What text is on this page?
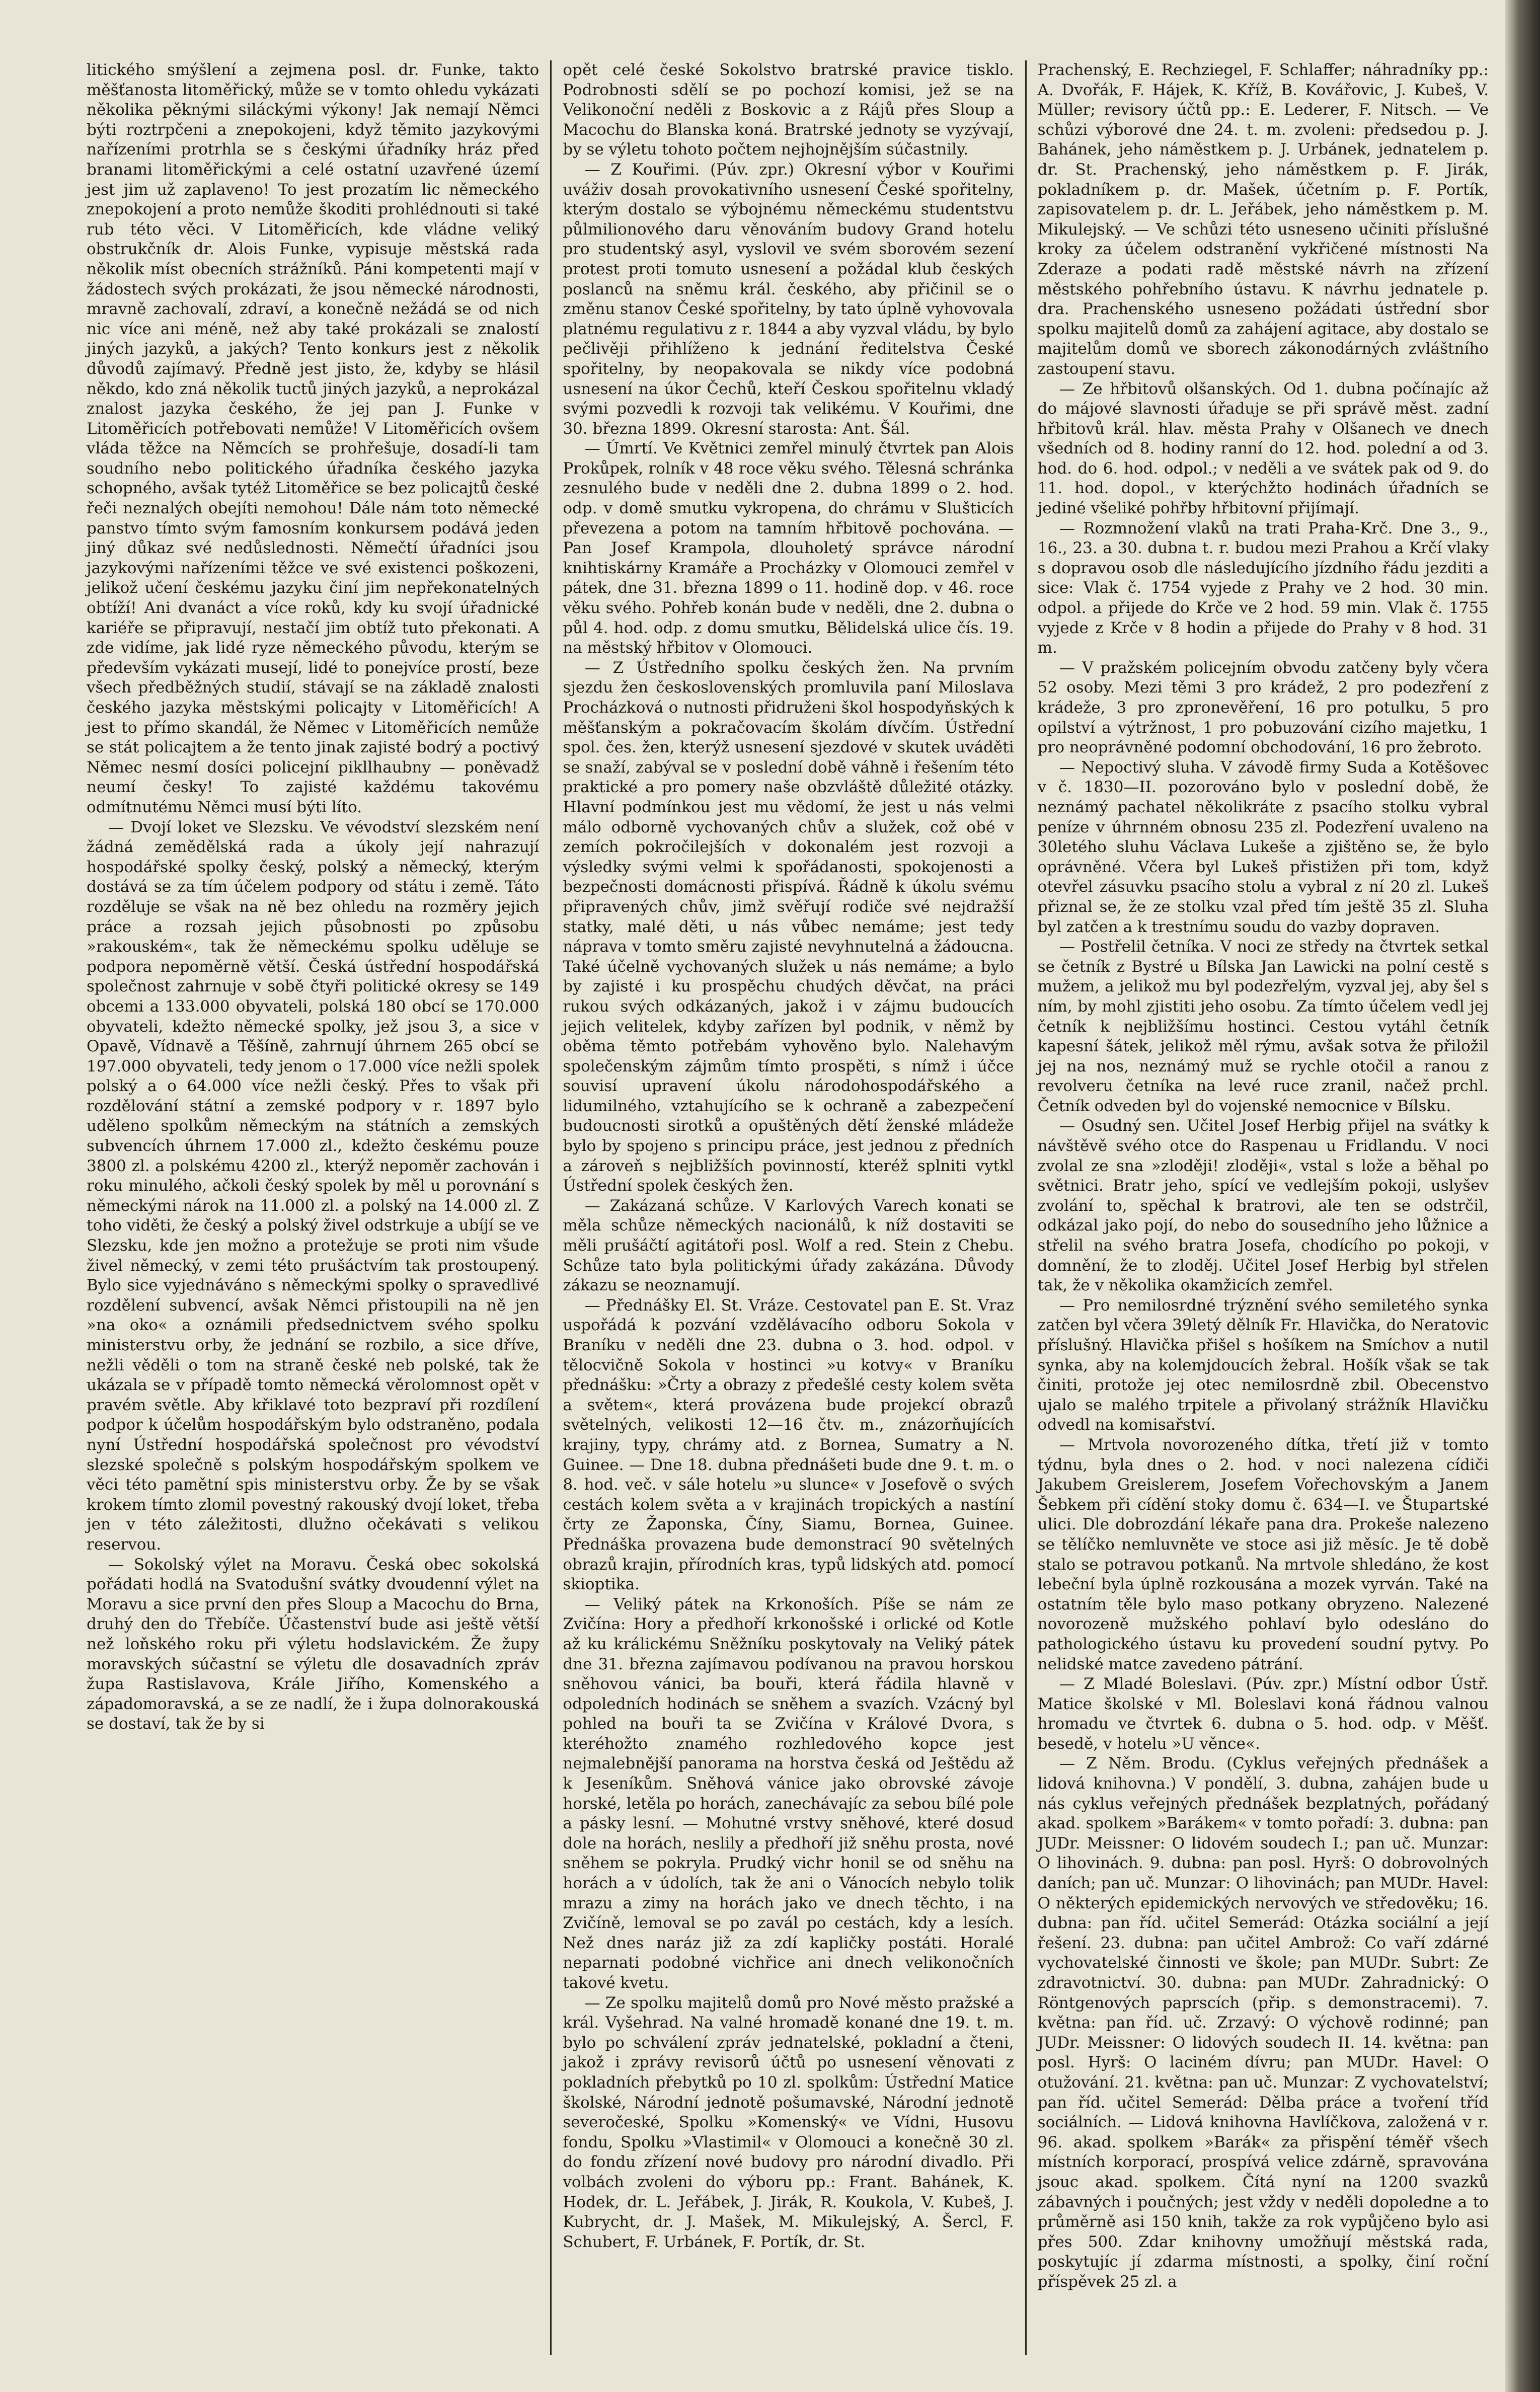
litického smýšlení a zejmena posl. dr. Funke, takto měšťanosta litoměřický, může se v tomto ohledu vykázati několika pěknými siláckými výkony! Jak nemají Němci býti roztrpčeni a znepokojeni, když těmito jazykovými nařízeními protrhla se s českými úřadníky hráz před branami litoměřickými a celé ostatní uzavřené území jest jim už zaplaveno! To jest prozatím lic německého znepokojení a proto nemůže škoditi prohlédnouti si také rub této věci. V Litoměřicích, kde vládne veliký obstrukčník dr. Alois Funke, vypisuje městská rada několik míst obecních strážníků. Páni kompetenti mají v žádostech svých prokázati, že jsou německé národnosti, mravně zachovalí, zdraví, a konečně nežádá se od nich nic více ani méně, než aby také prokázali se znalostí jiných jazyků, a jakých? Tento konkurs jest z několik důvodů zajímavý. Předně jest jisto, že, kdyby se hlásil někdo, kdo zná několik tuctů jiných jazyků, a neprokázal znalost jazyka českého, že jej pan J. Funke v Litoměřicích potřebovati nemůže! V Litoměřicích ovšem vláda těžce na Němcích se prohřešuje, dosadí-li tam soudního nebo politického úřadníka českého jazyka schopného, avšak tytéž Litoměřice se bez policajtů české řeči neznalých obejíti nemohou! Dále nám toto německé panstvo tímto svým famosním konkursem podává jeden jiný důkaz své nedůslednosti. Němečtí úřadníci jsou jazykovými nařízeními těžce ve své existenci poškozeni, jelikož učení českému jazyku činí jim nepřekonatelných obtíží! Ani dvanáct a více roků, kdy ku svojí úřadnické kariéře se připravují, nestačí jim obtíž tuto překonati. A zde vidíme, jak lidé ryze německého původu, kterým se především vykázati musejí, lidé to ponejvíce prostí, beze všech předběžných studií, stávají se na základě znalosti českého jazyka městskými policajty v Litoměřicích! A jest to přímo skandál, že Němec v Litoměřicích nemůže se stát policajtem a že tento jinak zajisté bodrý a poctivý Němec nesmí dosíci policejní pikllhaubny — poněvadž neumí česky! To zajisté každému takovému odmítnutému Němci musí býti líto.

— Dvojí loket ve Slezsku. Ve vévodství slezském není žádná zemědělská rada a úkoly její nahrazují hospodářské spolky český, polský a německý, kterým dostává se za tím účelem podpory od státu i země. Táto rozděluje se však na ně bez ohledu na rozměry jejich práce a rozsah jejich působnosti po způsobu »rakouském«, tak že německému spolku uděluje se podpora nepoměrně větší. Česká ústřední hospodářská společnost zahrnuje v sobě čtyři politické okresy se 149 obcemi a 133.000 obyvateli, polská 180 obcí se 170.000 obyvateli, kdežto německé spolky, jež jsou 3, a sice v Opavě, Vídnavě a Těšíně, zahrnují úhrnem 265 obcí se 197.000 obyvateli, tedy jenom o 17.000 více nežli spolek polský a o 64.000 více nežli český. Přes to však při rozdělování státní a zemské podpory v r. 1897 bylo uděleno spolkům německým na státních a zemských subvencích úhrnem 17.000 zl., kdežto českému pouze 3800 zl. a polskému 4200 zl., kterýž nepoměr zachován i roku minulého, ačkoli český spolek by měl u porovnání s německými nárok na 11.000 zl. a polský na 14.000 zl. Z toho viděti, že český a polský živel odstrkuje a ubíjí se ve Slezsku, kde jen možno a protežuje se proti nim všude živel německý, v zemi této prušáctvím tak prostoupený. Bylo sice vyjednáváno s německými spolky o spravedlivé rozdělení subvencí, avšak Němci přistoupili na ně jen »na oko« a oznámili předsednictvem svého spolku ministerstvu orby, že jednání se rozbilo, a sice dříve, nežli věděli o tom na straně české neb polské, tak že ukázala se v případě tomto německá věrolomnost opět v pravém světle. Aby křiklavé toto bezpraví při rozdílení podpor k účelům hospodářským bylo odstraněno, podala nyní Ústřední hospodářská společnost pro vévodství slezské společně s polským hospodářským spolkem ve věci této pamětní spis ministerstvu orby. Že by se však krokem tímto zlomil povestný rakouský dvojí loket, třeba jen v této záležitosti, dlužno očekávati s velikou reservou.

— Sokolský výlet na Moravu. Česká obec sokolská pořádati hodlá na Svatodušní svátky dvoudenní výlet na Moravu a sice první den přes Sloup a Macochu do Brna, druhý den do Třebíče. Účastenství bude asi ještě větší než loňského roku při výletu hodslavickém. Že župy moravských súčastní se výletu dle dosavadních zpráv župa Rastislavova, Krále Jiřího, Komenského a západomoravská, a se ze nadlí, že i župa dolnorakouská se dostaví, tak že by si

opět celé české Sokolstvo bratrské pravice tisklo. Podrobnosti sdělí se po pochozí komisi, jež se na Velikonoční neděli z Boskovic a z Rájů přes Sloup a Macochu do Blanska koná. Bratrské jednoty se vyzývají, by se výletu tohoto počtem nejhojnějším súčastnily.

— Z Kouřimi. (Púv. zpr.) Okresní výbor v Kouřimi uváživ dosah provokativního usnesení České spořitelny, kterým dostalo se výbojnému německému studentstvu půlmilionového daru věnováním budovy Grand hotelu pro studentský asyl, vyslovil ve svém sborovém sezení protest proti tomuto usnesení a požádal klub českých poslanců na sněmu král. českého, aby přičinil se o změnu stanov České spořitelny, by tato úplně vyhovovala platnému regulativu z r. 1844 a aby vyzval vládu, by bylo pečlivěji přihlíženo k jednání ředitelstva České spořitelny, by neopakovala se nikdy více podobná usnesení na úkor Čechů, kteří Českou spořitelnu vkladý svými pozvedli k rozvoji tak velikému. V Kouřimi, dne 30. března 1899. Okresní starosta: Ant. Šál.

— Úmrtí. Ve Květnici zemřel minulý čtvrtek pan Alois Prokůpek, rolník v 48 roce věku svého. Tělesná schránka zesnulého bude v neděli dne 2. dubna 1899 o 2. hod. odp. v domě smutku vykropena, do chrámu v Slušticích převezena a potom na tamním hřbitově pochována. — Pan Josef Krampola, dlouholetý správce národní knihtiskárny Kramáře a Procházky v Olomouci zemřel v pátek, dne 31. března 1899 o 11. hodině dop. v 46. roce věku svého. Pohřeb konán bude v neděli, dne 2. dubna o půl 4. hod. odp. z domu smutku, Bělidelská ulice čís. 19. na městský hřbitov v Olomouci.

— Z Ústředního spolku českých žen. Na prvním sjezdu žen československých promluvila paní Miloslava Procházková o nutnosti přidruženi škol hospodyňských k měšťanským a pokračovacím školám dívčím. Ústřední spol. čes. žen, kterýž usnesení sjezdové v skutek uváděti se snaží, zabýval se v poslední době váhně i řešením této praktické a pro pomery naše obzvláště důležité otázky. Hlavní podmínkou jest mu vědomí, že jest u nás velmi málo odborně vychovaných chův a služek, což obé v zemích pokročilejších v dokonalém jest rozvoji a výsledky svými velmi k spořádanosti, spokojenosti a bezpečnosti domácnosti přispívá. Řádně k úkolu svému připravených chův, jimž svěřují rodiče své nejdražší statky, malé děti, u nás vůbec nemáme; jest tedy náprava v tomto směru zajisté nevyhnutelná a žádoucna. Také účelně vychovaných služek u nás nemáme; a bylo by zajisté i ku prospěchu chudých děvčat, na práci rukou svých odkázaných, jakož i v zájmu budoucích jejich velitelek, kdyby zařízen byl podnik, v němž by oběma těmto potřebám vyhověno bylo. Nalehavým společenským zájmům tímto prospěti, s nímž i účce souvisí upravení úkolu národohospodářského a lidumilného, vztahujícího se k ochraně a zabezpečení budoucnosti sirotků a opuštěných dětí ženské mládeže bylo by spojeno s principu práce, jest jednou z předních a zároveň s nejbližších povinností, kteréž splniti vytkl Ústřední spolek českých žen.

— Zakázaná schůze. V Karlových Varech konati se měla schůze německých nacionálů, k níž dostaviti se měli prušáčtí agitátoři posl. Wolf a red. Stein z Chebu. Schůze tato byla politickými úřady zakázána. Důvody zákazu se neoznamují.

— Přednášky El. St. Vráze. Cestovatel pan E. St. Vraz uspořádá k pozvání vzdělávacího odboru Sokola v Braníku v neděli dne 23. dubna o 3. hod. odpol. v tělocvičně Sokola v hostinci »u kotvy« v Braníku přednášku: »Črty a obrazy z předešlé cesty kolem světa a světem«, která provázena bude projekcí obrazů světelných, velikosti 12—16 čtv. m., znázorňujících krajiny, typy, chrámy atd. z Bornea, Sumatry a N. Guinee. — Dne 18. dubna přednášeti bude dne 9. t. m. o 8. hod. več. v sále hotelu »u slunce« v Josefově o svých cestách kolem světa a v krajinách tropických a nastíní črty ze Žaponska, Číny, Siamu, Bornea, Guinee. Přednáška provazena bude demonstrací 90 světelných obrazů krajin, přírodních kras, typů lidských atd. pomocí skioptika.

— Veliký pátek na Krkonoších. Píše se nám ze Zvičína: Hory a předhoří krkonošské i orlické od Kotle až ku králickému Sněžníku poskytovaly na Veliký pátek dne 31. března zajímavou podívanou na pravou horskou sněhovou vánici, ba bouři, která řádila hlavně v odpoledních hodinách se sněhem a svazích. Vzácný byl pohled na bouři ta se Zvičína v Králové Dvora, s kteréhožto znamého rozhledového kopce jest nejmalebnější panorama na horstva česká od Ještědu až k Jeseníkům. Sněhová vánice jako obrovské závoje horské, letěla po horách, zanechávajíc za sebou bílé pole a pásky lesní. — Mohutné vrstvy sněhové, které dosud dole na horách, neslily a předhoří již sněhu prosta, nové sněhem se pokryla. Prudký vichr honil se od sněhu na horách a v údolích, tak že ani o Vánocích nebylo tolik mrazu a zimy na horách jako ve dnech těchto, i na Zvičíně, lemoval se po zavál po cestách, kdy a lesích. Než dnes naráz již za zdí kapličky postáti. Horalé neparnati podobné vichřice ani dnech velikonočních takové kvetu.

— Ze spolku majitelů domů pro Nové město pražské a král. Vyšehrad. Na valné hromadě konané dne 19. t. m. bylo po schválení zpráv jednatelské, pokladní a čteni, jakož i zprávy revisorů účtů po usnesení věnovati z pokladních přebytků po 10 zl. spolkům: Ústřední Matice školské, Národní jednotě pošumavské, Národní jednotě severočeské, Spolku »Komenský« ve Vídni, Husovu fondu, Spolku »Vlastimil« v Olomouci a konečně 30 zl. do fondu zřízení nové budovy pro národní divadlo. Při volbách zvoleni do výboru pp.: Frant. Bahánek, K. Hodek, dr. L. Jeřábek, J. Jirák, R. Koukola, V. Kubeš, J. Kubrycht, dr. J. Mašek, M. Mikulejský, A. Šercl, F. Schubert, F. Urbánek, F. Portík, dr. St.

Prachenský, E. Rechziegel, F. Schlaffer; náhradníky pp.: A. Dvořák, F. Hájek, K. Kříž, B. Kovářovic, J. Kubeš, V. Müller; revisory účtů pp.: E. Lederer, F. Nitsch. — Ve schůzi výborové dne 24. t. m. zvoleni: předsedou p. J. Bahánek, jeho náměstkem p. J. Urbánek, jednatelem p. dr. St. Prachenský, jeho náměstkem p. F. Jirák, pokladníkem p. dr. Mašek, účetním p. F. Portík, zapisovatelem p. dr. L. Jeřábek, jeho náměstkem p. M. Mikulejský. — Ve schůzi této usneseno učiniti příslušné kroky za účelem odstranění vykřičené místnosti Na Zderaze a podati radě městské návrh na zřízení městského pohřebního ústavu. K návrhu jednatele p. dra. Prachenského usneseno požádati ústřední sbor spolku majitelů domů za zahájení agitace, aby dostalo se majitelům domů ve sborech zákonodárných zvláštního zastoupení stavu.

— Ze hřbitovů olšanských. Od 1. dubna počínajíc až do májové slavnosti úřaduje se při správě měst. zadní hřbitovů král. hlav. města Prahy v Olšanech ve dnech všedních od 8. hodiny ranní do 12. hod. polední a od 3. hod. do 6. hod. odpol.; v neděli a ve svátek pak od 9. do 11. hod. dopol., v kterýchžto hodinách úřadních se jediné všeliké pohřby hřbitovní přijímají.

— Rozmnožení vlaků na trati Praha-Krč. Dne 3., 9., 16., 23. a 30. dubna t. r. budou mezi Prahou a Krčí vlaky s dopravou osob dle následujícího jízdního řádu jezditi a sice: Vlak č. 1754 vyjede z Prahy ve 2 hod. 30 min. odpol. a přijede do Krče ve 2 hod. 59 min. Vlak č. 1755 vyjede z Krče v 8 hodin a přijede do Prahy v 8 hod. 31 m.

— V pražském policejním obvodu zatčeny byly včera 52 osoby. Mezi těmi 3 pro krádež, 2 pro podezření z krádeže, 3 pro zpronevěření, 16 pro potulku, 5 pro opilství a výtržnost, 1 pro pobuzování cizího majetku, 1 pro neoprávněné podomní obchodování, 16 pro žebroto.

— Nepoctivý sluha. V závodě firmy Suda a Kotěšovec v č. 1830—II. pozorováno bylo v poslední době, že neznámý pachatel několikráte z psacího stolku vybral peníze v úhrnném obnosu 235 zl. Podezření uvaleno na 30letého sluhu Václava Lukeše a zjištěno se, že bylo oprávněné. Včera byl Lukeš přistižen při tom, když otevřel zásuvku psacího stolu a vybral z ní 20 zl. Lukeš přiznal se, že ze stolku vzal před tím ještě 35 zl. Sluha byl zatčen a k trestnímu soudu do vazby dopraven.

— Postřelil četníka. V noci ze středy na čtvrtek setkal se četník z Bystré u Bílska Jan Lawicki na polní cestě s mužem, a jelikož mu byl podezřelým, vyzval jej, aby šel s ním, by mohl zjistiti jeho osobu. Za tímto účelem vedl jej četník k nejbližšímu hostinci. Cestou vytáhl četník kapesní šátek, jelikož měl rýmu, avšak sotva že přiložil jej na nos, neznámý muž se rychle otočil a ranou z revolveru četníka na levé ruce zranil, načež prchl. Četník odveden byl do vojenské nemocnice v Bílsku.

— Osudný sen. Učitel Josef Herbig přijel na svátky k návštěvě svého otce do Raspenau u Fridlandu. V noci zvolal ze sna »zloději! zloději«, vstal s lože a běhal po světnici. Bratr jeho, spící ve vedlejším pokoji, uslyšev zvolání to, spěchal k bratrovi, ale ten se odstrčil, odkázal jako pojí, do nebo do sousedního jeho lůžnice a střelil na svého bratra Josefa, chodícího po pokoji, v domnění, že to zloděj. Učitel Josef Herbig byl střelen tak, že v několika okamžicích zemřel.

— Pro nemilosrdné trýznění svého semiletého synka zatčen byl včera 39letý dělník Fr. Hlavička, do Neratovic příslušný. Hlavička přišel s hošíkem na Smíchov a nutil synka, aby na kolemjdoucích žebral. Hošík však se tak činiti, protože jej otec nemilosrdně zbil. Obecenstvo ujalo se malého trpitele a přivolaný strážník Hlavičku odvedl na komisařství.

— Mrtvola novorozeného dítka, třetí již v tomto týdnu, byla dnes o 2. hod. v noci nalezena cídiči Jakubem Greislerem, Josefem Vořechovským a Janem Šebkem při cídění stoky domu č. 634—I. ve Štupartské ulici. Dle dobrozdání lékaře pana dra. Prokeše nalezeno se tělíčko nemluvněte ve stoce asi již měsíc. Je tě době stalo se potravou potkanů. Na mrtvole shledáno, že kost lebeční byla úplně rozkousána a mozek vyrván. Také na ostatním těle bylo maso potkany obryzeno. Nalezené novorozeně mužského pohlaví bylo odesláno do pathologického ústavu ku provedení soudní pytvy. Po nelidské matce zavedeno pátrání.

— Z Mladé Boleslavi. (Púv. zpr.) Místní odbor Ústř. Matice školské v Ml. Boleslavi koná řádnou valnou hromadu ve čtvrtek 6. dubna o 5. hod. odp. v Měšť. besedě, v hotelu »U věnce«.

— Z Něm. Brodu. (Cyklus veřejných přednášek a lidová knihovna.) V pondělí, 3. dubna, zahájen bude u nás cyklus veřejných přednášek bezplatných, pořádaný akad. spolkem »Barákem« v tomto pořadí: 3. dubna: pan JUDr. Meissner: O lidovém soudech I.; pan uč. Munzar: O lihovinách. 9. dubna: pan posl. Hyrš: O dobrovolných daních; pan uč. Munzar: O lihovinách; pan MUDr. Havel: O některých epidemických nervových ve středověku; 16. dubna: pan říd. učitel Semerád: Otázka sociální a její řešení. 23. dubna: pan učitel Ambrož: Co vaří zdárné vychovatelské činnosti ve škole; pan MUDr. Subrt: Ze zdravotnictví. 30. dubna: pan MUDr. Zahradnický: O Röntgenových paprscích (přip. s demonstracemi). 7. května: pan říd. uč. Zrzavý: O výchově rodinné; pan JUDr. Meissner: O lidových soudech II. 14. května: pan posl. Hyrš: O laciném dívru; pan MUDr. Havel: O otužování. 21. května: pan uč. Munzar: Z vychovatelství; pan říd. učitel Semerád: Dělba práce a tvoření tříd sociálních. — Lidová knihovna Havlíčkova, založená v r. 96. akad. spolkem »Barák« za přispění téměř všech místních korporací, prospívá velice zdárně, spravována jsouc akad. spolkem. Čítá nyní na 1200 svazků zábavných i poučných; jest vždy v neděli dopoledne a to průměrně asi 150 knih, takže za rok vypůjčeno bylo asi přes 500. Zdar knihovny umožňují městská rada, poskytujíc jí zdarma místnosti, a spolky, činí roční příspěvek 25 zl. a
